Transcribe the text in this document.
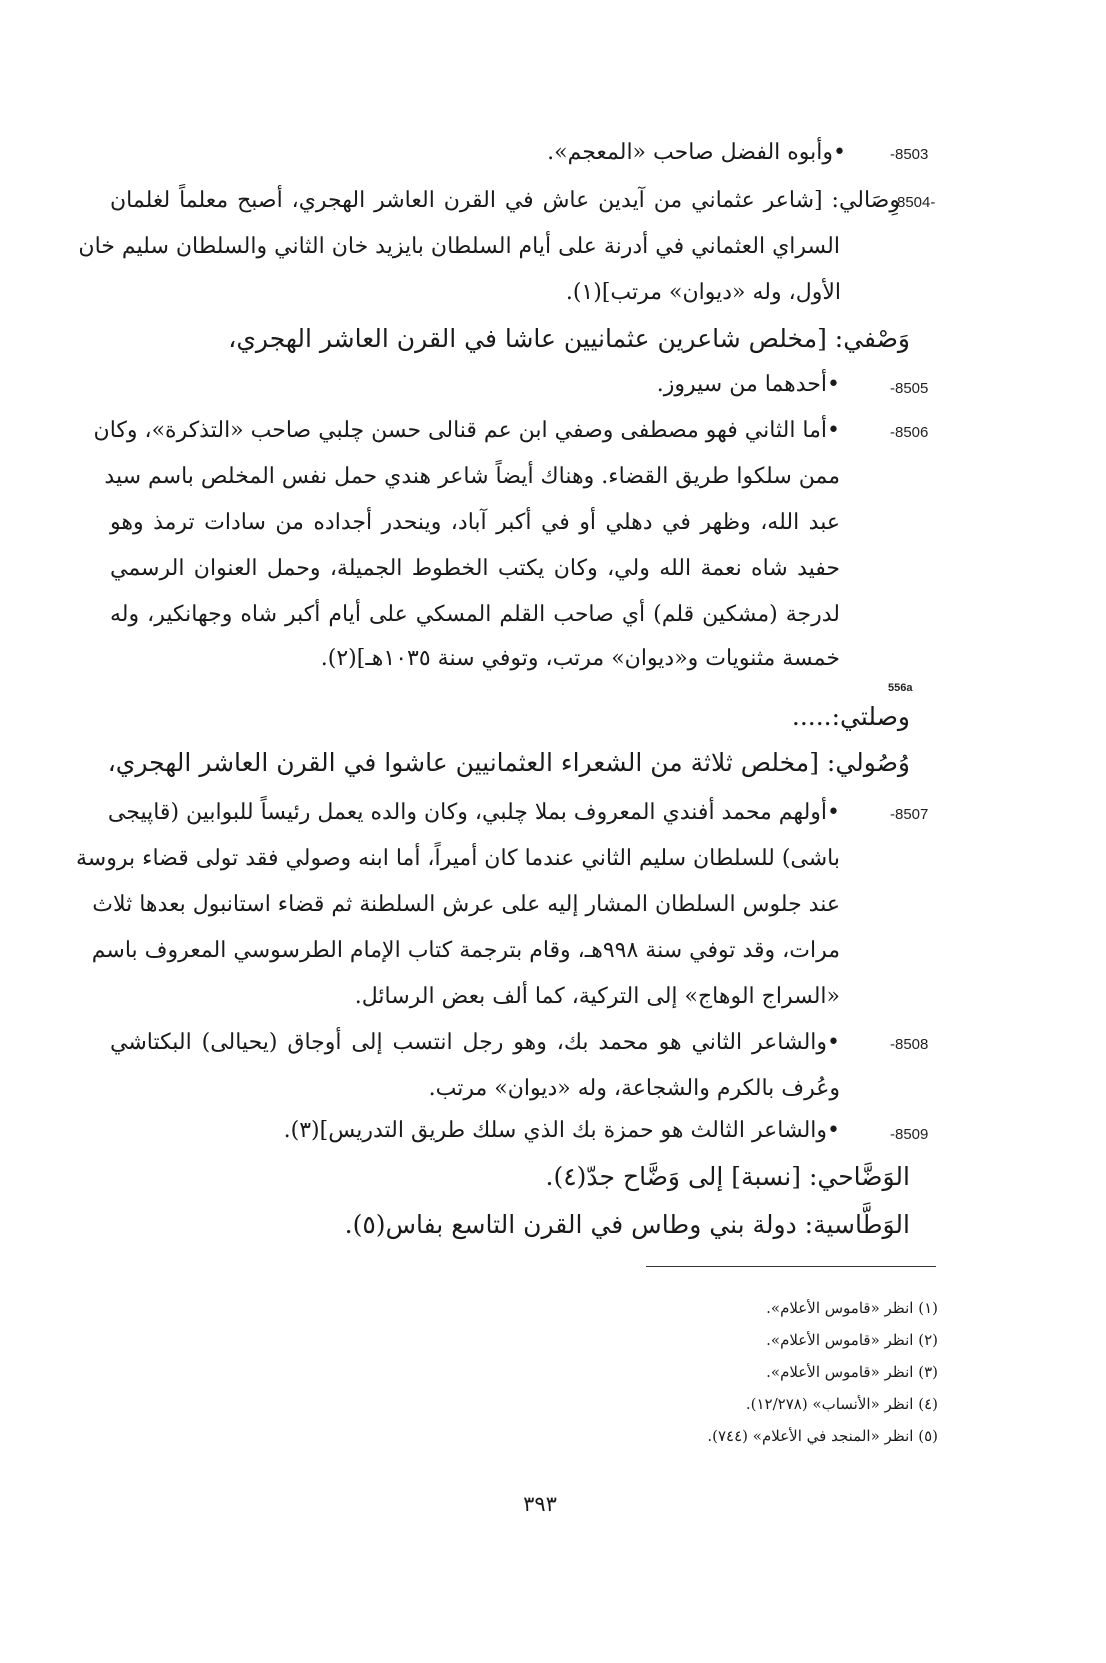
-8503
•وأبوه الفضل صاحب «المعجم».
8504-
وِصَالي: [شاعر عثماني من آيدين عاش في القرن العاشر الهجري، أصبح معلماً لغلمان
السراي العثماني في أدرنة على أيام السلطان بايزيد خان الثاني والسلطان سليم خان
الأول، وله «ديوان» مرتب](١).
وَصْفي: [مخلص شاعرين عثمانيين عاشا في القرن العاشر الهجري،
-8505
•أحدهما من سيروز.
-8506
•أما الثاني فهو مصطفى وصفي ابن عم قنالى حسن چلبي صاحب «التذكرة»، وكان
ممن سلكوا طريق القضاء. وهناك أيضاً شاعر هندي حمل نفس المخلص باسم سيد
عبد الله، وظهر في دهلي أو في أكبر آباد، وينحدر أجداده من سادات ترمذ وهو
حفيد شاه نعمة الله ولي، وكان يكتب الخطوط الجميلة، وحمل العنوان الرسمي
لدرجة (مشكين قلم) أي صاحب القلم المسكي على أيام أكبر شاه وجهانكير، وله
خمسة مثنويات و«ديوان» مرتب، وتوفي سنة ١٠٣٥هـ](٢).
556a
وصلتي:.....
وُصُولي: [مخلص ثلاثة من الشعراء العثمانيين عاشوا في القرن العاشر الهجري،
-8507
•أولهم محمد أفندي المعروف بملا چلبي، وكان والده يعمل رئيساً للبوابين (قاپيجى
باشى) للسلطان سليم الثاني عندما كان أميراً، أما ابنه وصولي فقد تولى قضاء بروسة
عند جلوس السلطان المشار إليه على عرش السلطنة ثم قضاء استانبول بعدها ثلاث
مرات، وقد توفي سنة ٩٩٨هـ، وقام بترجمة كتاب الإمام الطرسوسي المعروف باسم
«السراج الوهاج» إلى التركية، كما ألف بعض الرسائل.
-8508
•والشاعر الثاني هو محمد بك، وهو رجل انتسب إلى أوجاق (يحيالى) البكتاشي
وعُرف بالكرم والشجاعة، وله «ديوان» مرتب.
-8509
•والشاعر الثالث هو حمزة بك الذي سلك طريق التدريس](٣).
الوَضَّاحي: [نسبة] إلى وَضَّاح جدّ(٤).
الوَطَّاسية: دولة بني وطاس في القرن التاسع بفاس(٥).
(١) انظر «قاموس الأعلام».
(٢) انظر «قاموس الأعلام».
(٣) انظر «قاموس الأعلام».
(٤) انظر «الأنساب» (١٢/٢٧٨).
(٥) انظر «المنجد في الأعلام» (٧٤٤).
٣٩٣
